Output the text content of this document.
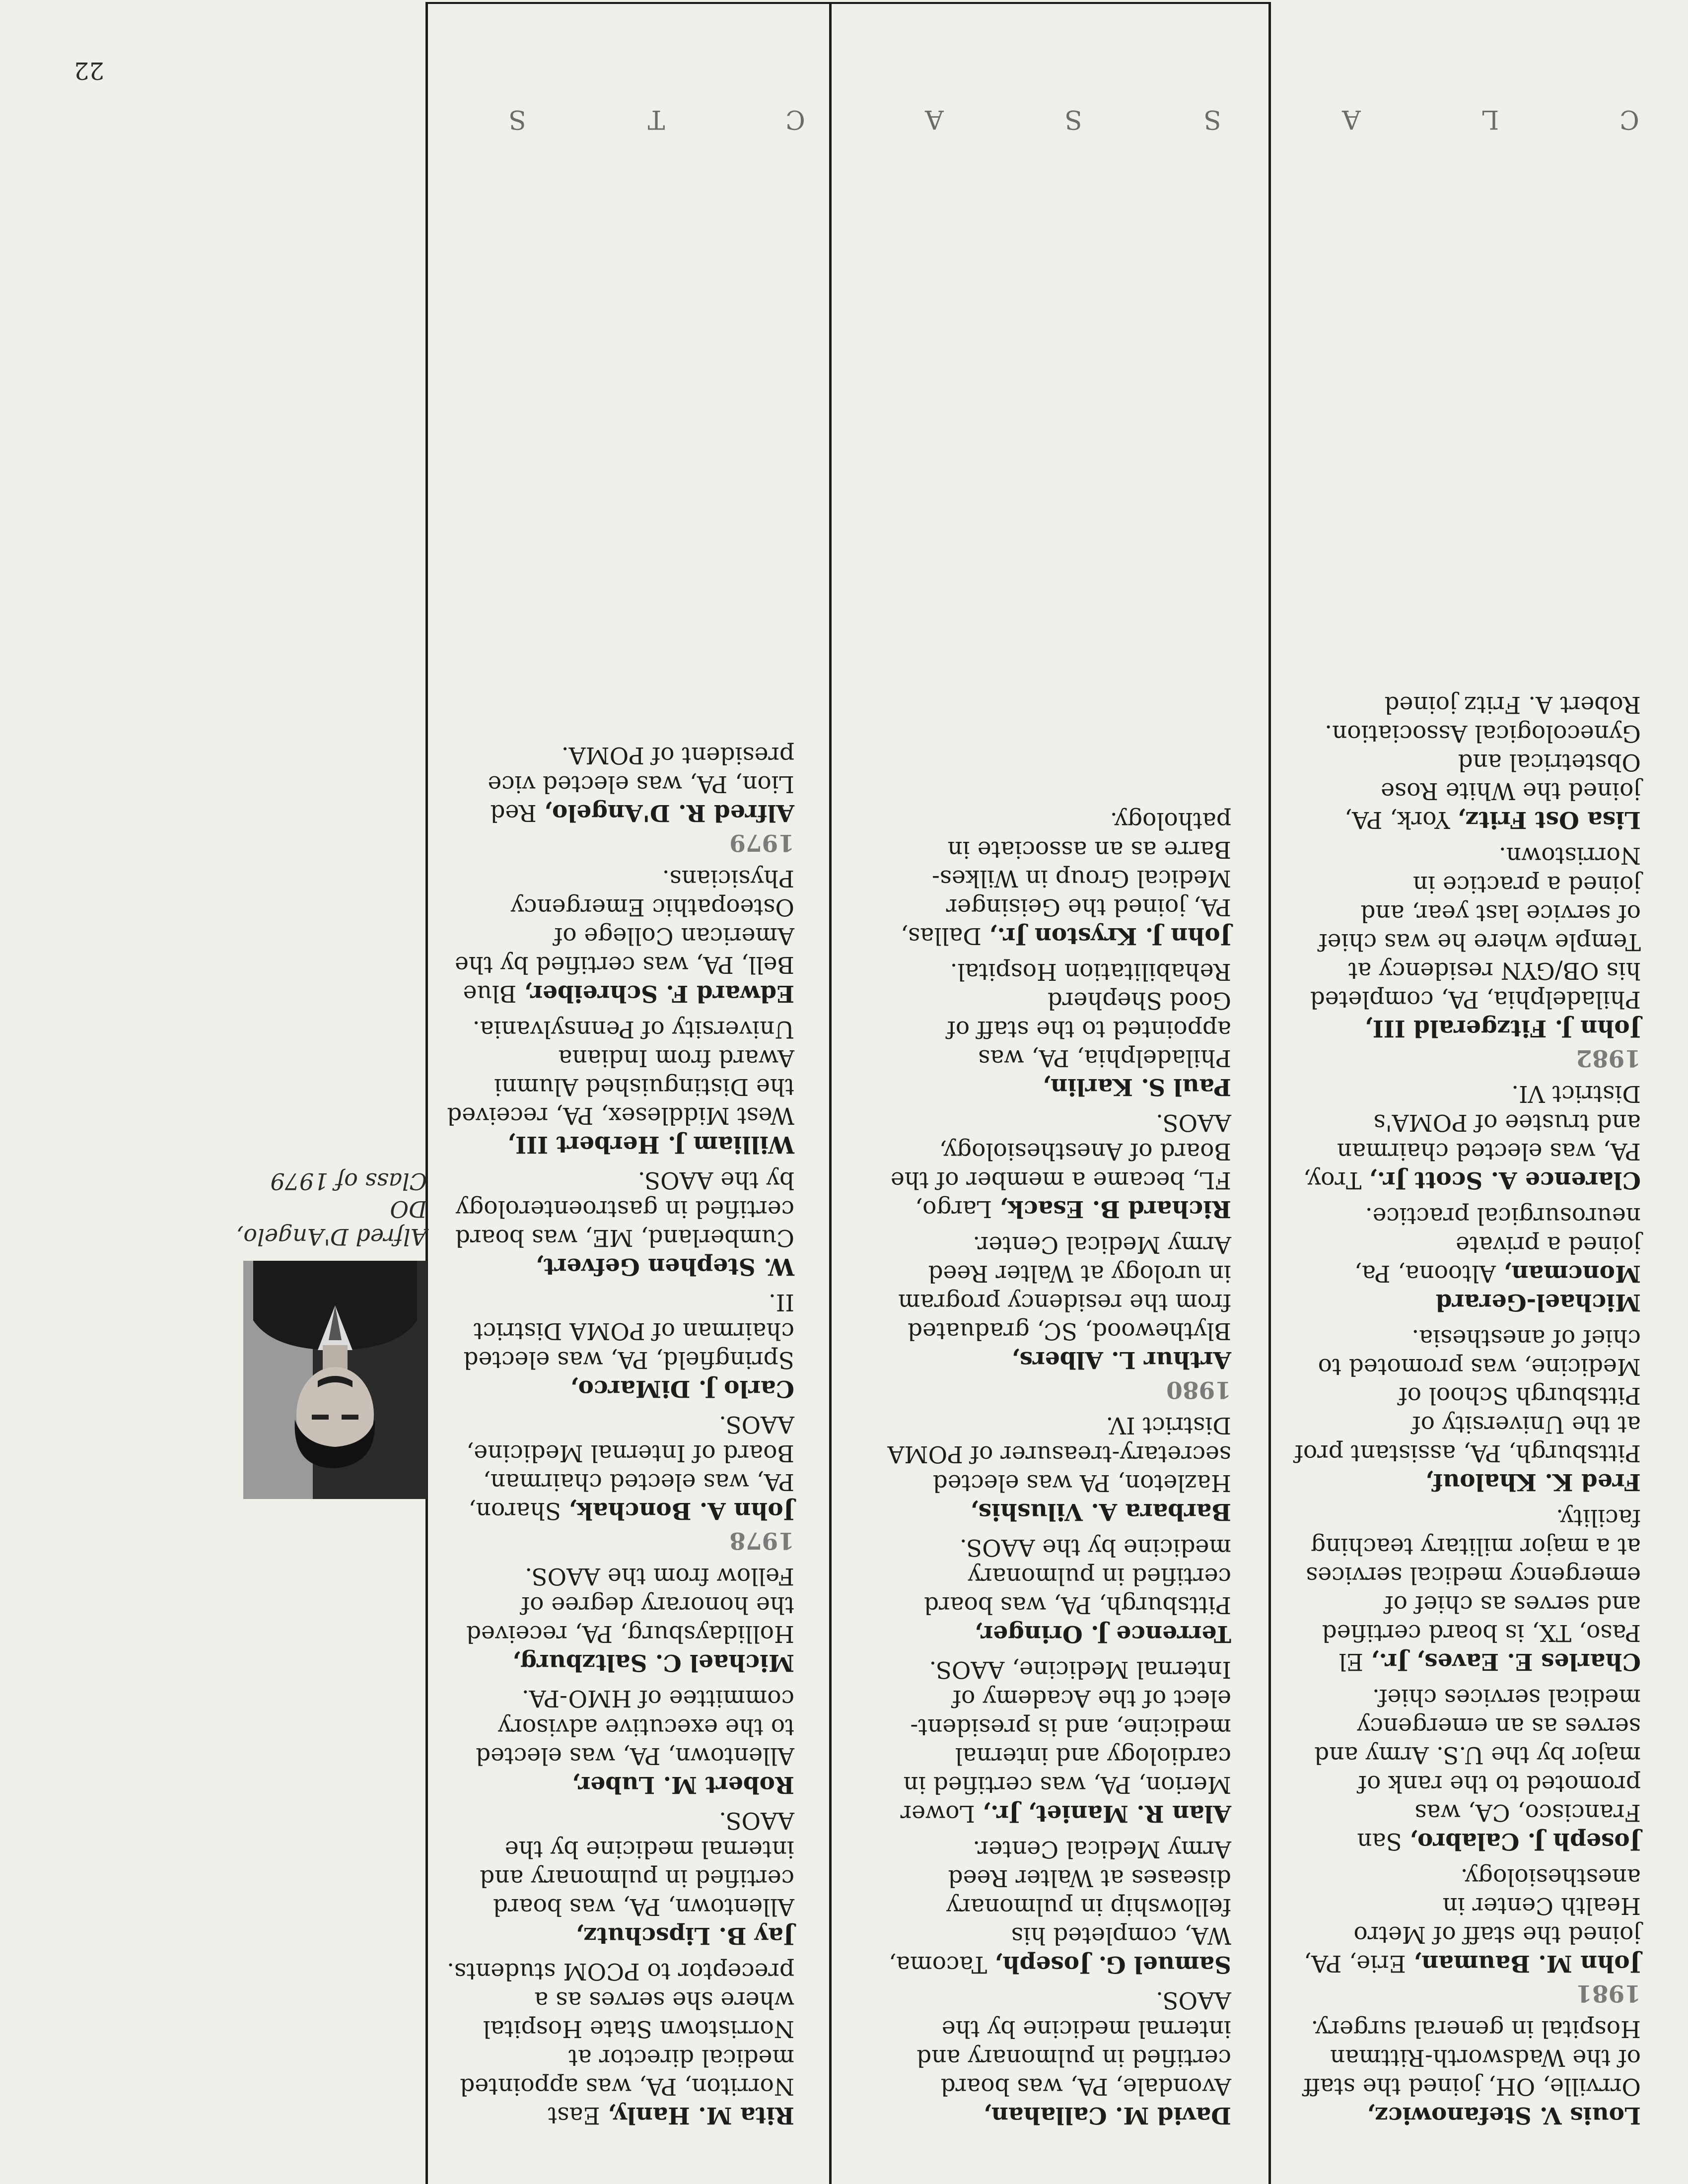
Louis V. Stefanowicz, Orrville, OH, joined the staff of the Wadsworth-Rittman Hospital in general surgery.
1981
John M. Bauman, Erie, PA, joined the staff of Metro Health Center in anesthesiology.
Joseph J. Calabro, San Francisco, CA, was promoted to the rank of major by the U.S. Army and serves as an emergency medical services chief.
Charles E. Eaves, Jr., El Paso, TX, is board certified and serves as chief of emergency medical services at a major military teaching facility.
Fred K. Khalouf, Pittsburgh, PA, assistant prof at the University of Pittsburgh School of Medicine, was promoted to chief of anesthesia.
Michael-Gerard Moncman, Altoona, Pa, joined a private neurosurgical practice.
Clarence A. Scott Jr., Troy, PA, was elected chairman and trustee of POMA's District VI.
1982
John J. Fitzgerald III, Philadelphia, PA, completed his OB/GYN residency at Temple where he was chief of service last year, and joined a practice in Norristown.
Lisa Ost Fritz, York, PA, joined the White Rose Obstetrical and Gynecological Association. Robert A. Fritz joined
David M. Callahan, Avondale, PA, was board certified in pulmonary and internal medicine by the AAOS.
Samuel G. Joseph, Tacoma, WA, completed his fellowship in pulmonary diseases at Walter Reed Army Medical Center.
Alan R. Maniet, Jr., Lower Merion, PA, was certified in cardiology and internal medicine, and is president-elect of the Academy of Internal Medicine, AAOS.
Terrence J. Oringer, Pittsburgh, PA, was board certified in pulmonary medicine by the AAOS.
Barbara A. Vilushis, Hazleton, PA was elected secretary-treasurer of POMA District IV.
1980
Arthur L. Albers, Blythewood, SC, graduated from the residency program in urology at Walter Reed Army Medical Center.
Richard B. Esack, Largo, FL, became a member of the Board of Anesthesiology, AAOS.
Paul S. Karlin, Philadelphia, PA, was appointed to the staff of Good Shepherd Rehabilitation Hospital.
John J. Kryston Jr., Dallas, PA, joined the Geisinger Medical Group in Wilkes-Barre as an associate in pathology.
Rita M. Hanly, East Norriton, PA, was appointed medical director at Norristown State Hospital where she serves as a preceptor to PCOM students.
Jay B. Lipschutz, Allentown, PA, was board certified in pulmonary and internal medicine by the AAOS.
Robert M. Luber, Allentown, PA, was elected to the executive advisory committee of HMO-PA.
Michael C. Saltzburg, Hollidaysburg, PA, received the honorary degree of Fellow from the AAOS.
1978
John A. Bonchak, Sharon, PA, was elected chairman, Board of Internal Medicine, AAOS.
Carlo J. DiMarco, Springfield, PA, was elected chairman of POMA District II.
W. Stephen Gefvert, Cumberland, ME, was board certified in gastroenterology by the AAOS.
William J. Herbert III, West Middlesex, PA, received the Distinguished Alumni Award from Indiana University of Pennsylvania.
Edward F. Schreiber, Blue Bell, PA, was certified by the American College of Osteopathic Emergency Physicians.
1979
Alfred R. D'Angelo, Red Lion, PA, was elected vice president of POMA.
C
L
A
S
S
A
C
T
S
Alfred D'Angelo, DO
Class of 1979
22
